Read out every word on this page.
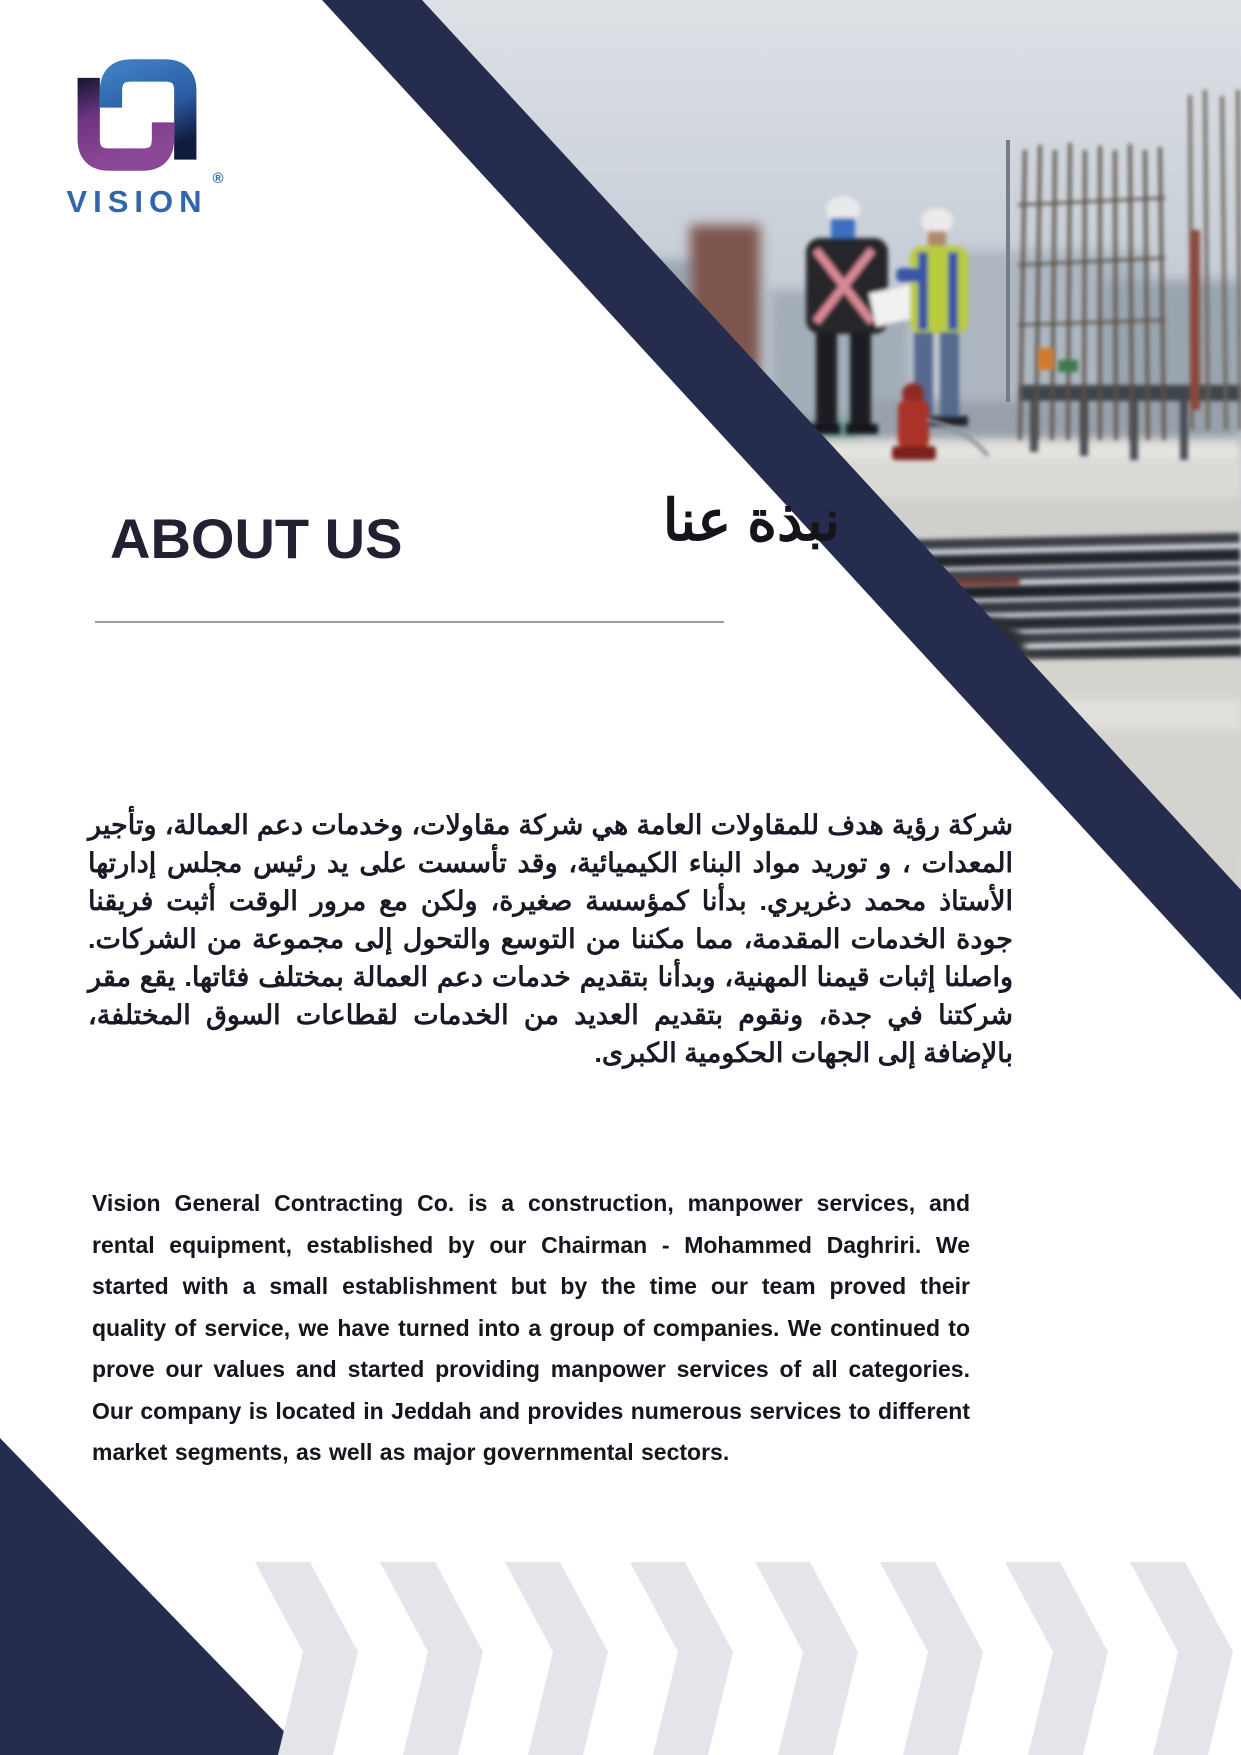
VISION
®
ABOUT US	نبذة عنا

شركة رؤية هدف للمقاولات العامة هي شركة مقاولات، وخدمات دعم العمالة، وتأجير المعدات ، و توريد مواد البناء الكيميائية، وقد تأسست على يد رئيس مجلس إدارتها الأستاذ محمد دغريري. بدأنا كمؤسسة صغيرة، ولكن مع مرور الوقت أثبت فريقنا جودة الخدمات المقدمة، مما مكننا من التوسع والتحول إلى مجموعة من الشركات. واصلنا إثبات قيمنا المهنية، وبدأنا بتقديم خدمات دعم العمالة بمختلف فئاتها. يقع مقر شركتنا في جدة، ونقوم بتقديم العديد من الخدمات لقطاعات السوق المختلفة، بالإضافة إلى الجهات الحكومية الكبرى.

Vision General Contracting Co. is a construction, manpower services, and rental equipment, established by our Chairman - Mohammed Daghriri. We started with a small establishment but by the time our team proved their quality of service, we have turned into a group of companies. We continued to prove our values and started providing manpower services of all categories. Our company is located in Jeddah and provides numerous services to different market segments, as well as major governmental sectors.
